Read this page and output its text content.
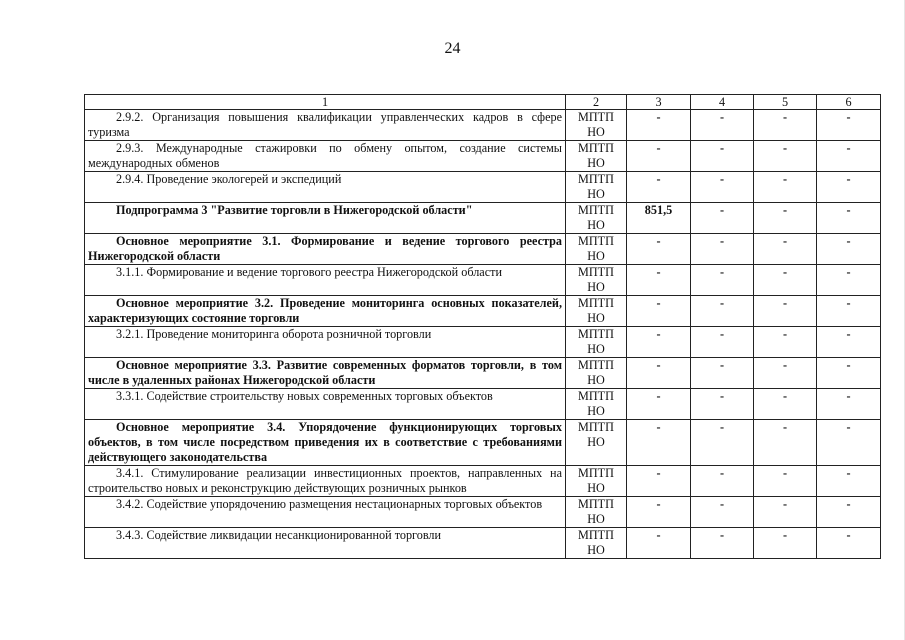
24
1	2	3	4	5	6

2.9.2. Организация повышения квалификации управленческих кадров в сфере туризма	МПТП НО	-	-	-	-

2.9.3. Международные стажировки по обмену опытом, создание системы международных обменов	МПТП НО	-	-	-	-

2.9.4. Проведение экологерей и экспедиций	МПТП НО	-	-	-	-

Подпрограмма 3 "Развитие торговли в Нижегородской области"	МПТП НО	851,5	-	-	-

Основное мероприятие 3.1. Формирование и ведение торгового реестра Нижегородской области	МПТП НО	-	-	-	-

3.1.1. Формирование и ведение торгового реестра Нижегородской области	МПТП НО	-	-	-	-

Основное мероприятие 3.2. Проведение мониторинга основных показателей, характеризующих состояние торговли	МПТП НО	-	-	-	-

3.2.1. Проведение мониторинга оборота розничной торговли	МПТП НО	-	-	-	-

Основное мероприятие 3.3. Развитие современных форматов торговли, в том числе в удаленных районах Нижегородской области	МПТП НО	-	-	-	-

3.3.1. Содействие строительству новых современных торговых объектов	МПТП НО	-	-	-	-

Основное мероприятие 3.4. Упорядочение функционирующих торговых объектов, в том числе посредством приведения их в соответствие с требованиями действующего законодательства	МПТП НО	-	-	-	-

3.4.1. Стимулирование реализации инвестиционных проектов, направленных на строительство новых и реконструкцию действующих розничных рынков	МПТП НО	-	-	-	-

3.4.2. Содействие упорядочению размещения нестационарных торговых объектов	МПТП НО	-	-	-	-

3.4.3. Содействие ликвидации несанкционированной торговли	МПТП НО	-	-	-	-
